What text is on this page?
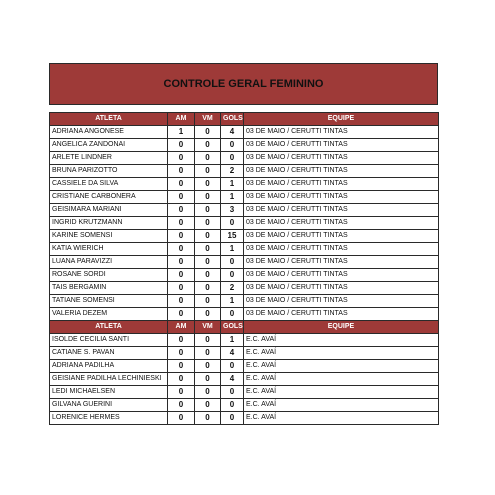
CONTROLE GERAL FEMININO
ATLETA	AM	VM	GOLS	EQUIPE
ADRIANA ANGONESE	1	0	4	03 DE MAIO / CERUTTI TINTAS
ANGELICA ZANDONAI	0	0	0	03 DE MAIO / CERUTTI TINTAS
ARLETE LINDNER	0	0	0	03 DE MAIO / CERUTTI TINTAS
BRUNA PARIZOTTO	0	0	2	03 DE MAIO / CERUTTI TINTAS
CASSIELE DA SILVA	0	0	1	03 DE MAIO / CERUTTI TINTAS
CRISTIANE CARBONERA	0	0	1	03 DE MAIO / CERUTTI TINTAS
GEISIMARA MARIANI	0	0	3	03 DE MAIO / CERUTTI TINTAS
INGRID KRUTZMANN	0	0	0	03 DE MAIO / CERUTTI TINTAS
KARINE SOMENSI	0	0	15	03 DE MAIO / CERUTTI TINTAS
KATIA WIERICH	0	0	1	03 DE MAIO / CERUTTI TINTAS
LUANA PARAVIZZI	0	0	0	03 DE MAIO / CERUTTI TINTAS
ROSANE SORDI	0	0	0	03 DE MAIO / CERUTTI TINTAS
TAIS BERGAMIN	0	0	2	03 DE MAIO / CERUTTI TINTAS
TATIANE SOMENSI	0	0	1	03 DE MAIO / CERUTTI TINTAS
VALERIA DEZEM	0	0	0	03 DE MAIO / CERUTTI TINTAS
ATLETA	AM	VM	GOLS	EQUIPE
ISOLDE CECILIA SANTI	0	0	1	E.C. AVAÍ
CATIANE S. PAVAN	0	0	4	E.C. AVAÍ
ADRIANA PADILHA	0	0	0	E.C. AVAÍ
GEISIANE PADILHA LECHINIESKI	0	0	4	E.C. AVAÍ
LEDI MICHAELSEN	0	0	0	E.C. AVAÍ
GILVANA GUERINI	0	0	0	E.C. AVAÍ
LORENICE HERMES	0	0	0	E.C. AVAÍ
